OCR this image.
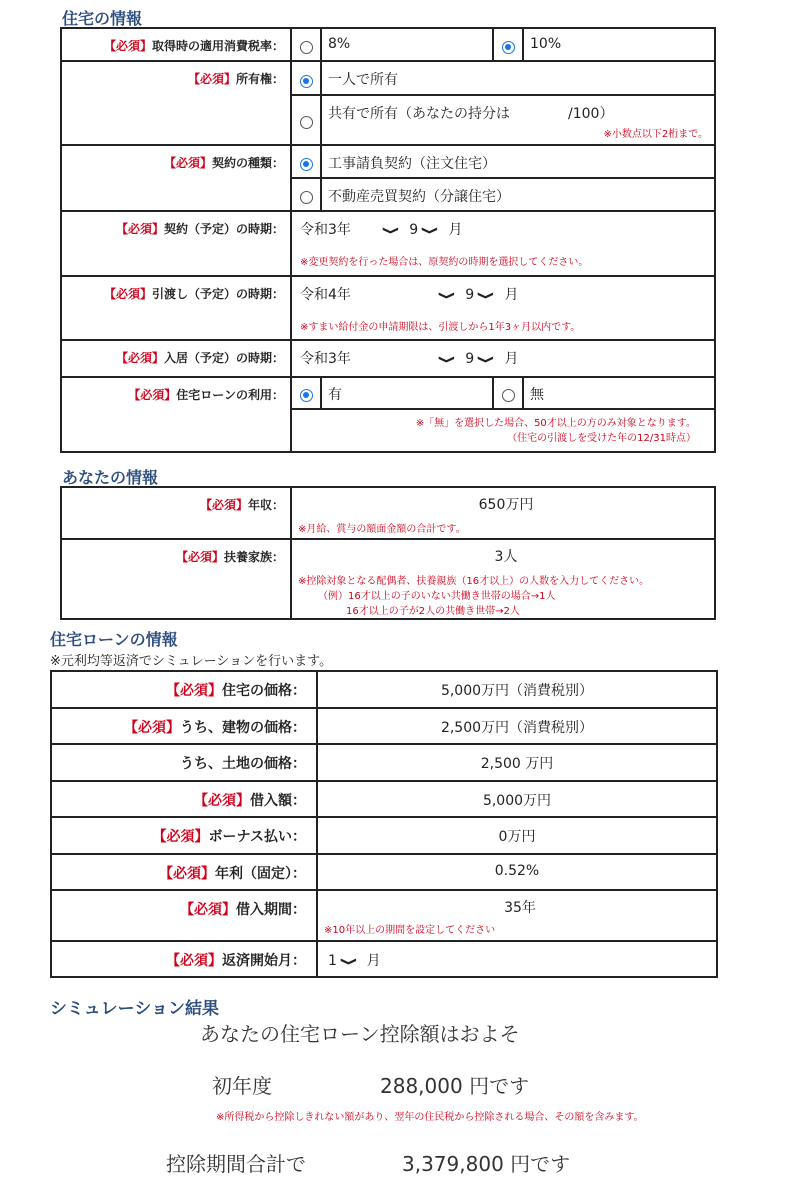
住宅の情報
【必須】取得時の適用消費税率：		8%		10%

【必須】所有権：		一人で所有		

		共有で所有（あなたの持分は /100）
※小数点以下2桁まで。		

【必須】契約の種類：		工事請負契約（注文住宅）		

		不動産売買契約（分譲住宅）		

【必須】契約（予定）の時期：	令和3年 ❯ 9 ❯ 月
※変更契約を行った場合は、原契約の時期を選択してください。			

【必須】引渡し（予定）の時期：	令和4年 ❯ 9 ❯ 月
※すまい給付金の申請期限は、引渡しから1年3ヶ月以内です。			

【必須】入居（予定）の時期：	令和3年 ❯ 9 ❯ 月			
【必須】住宅ローンの利用：		有		無

	※「無」を選択した場合、50才以上の方のみ対象となります。
（住宅の引渡しを受けた年の12/31時点）			
あなたの情報
【必須】年収：	650万円
※月給、賞与の額面金額の合計です。

【必須】扶養家族：	3人
※控除対象となる配偶者、扶養親族（16才以上）の人数を入力してください。
（例）16才以上の子のいない共働き世帯の場合→1人
16才以上の子が2人の共働き世帯→2人
住宅ローンの情報
※元利均等返済でシミュレーションを行います。
【必須】住宅の価格：	5,000万円（消費税別）
【必須】うち、建物の価格：	2,500万円（消費税別）
うち、土地の価格：	2,500 万円
【必須】借入額：	5,000万円
【必須】ボーナス払い：	0万円
【必須】年利（固定）：	0.52%
【必須】借入期間：	35年
※10年以上の期間を設定してください

【必須】返済開始月：	1 ❯ 月
シミュレーション結果
あなたの住宅ローン控除額はおよそ
初年度	288,000 円です
※所得税から控除しきれない額があり、翌年の住民税から控除される場合、その額を含みます。
控除期間合計で	3,379,800 円です
